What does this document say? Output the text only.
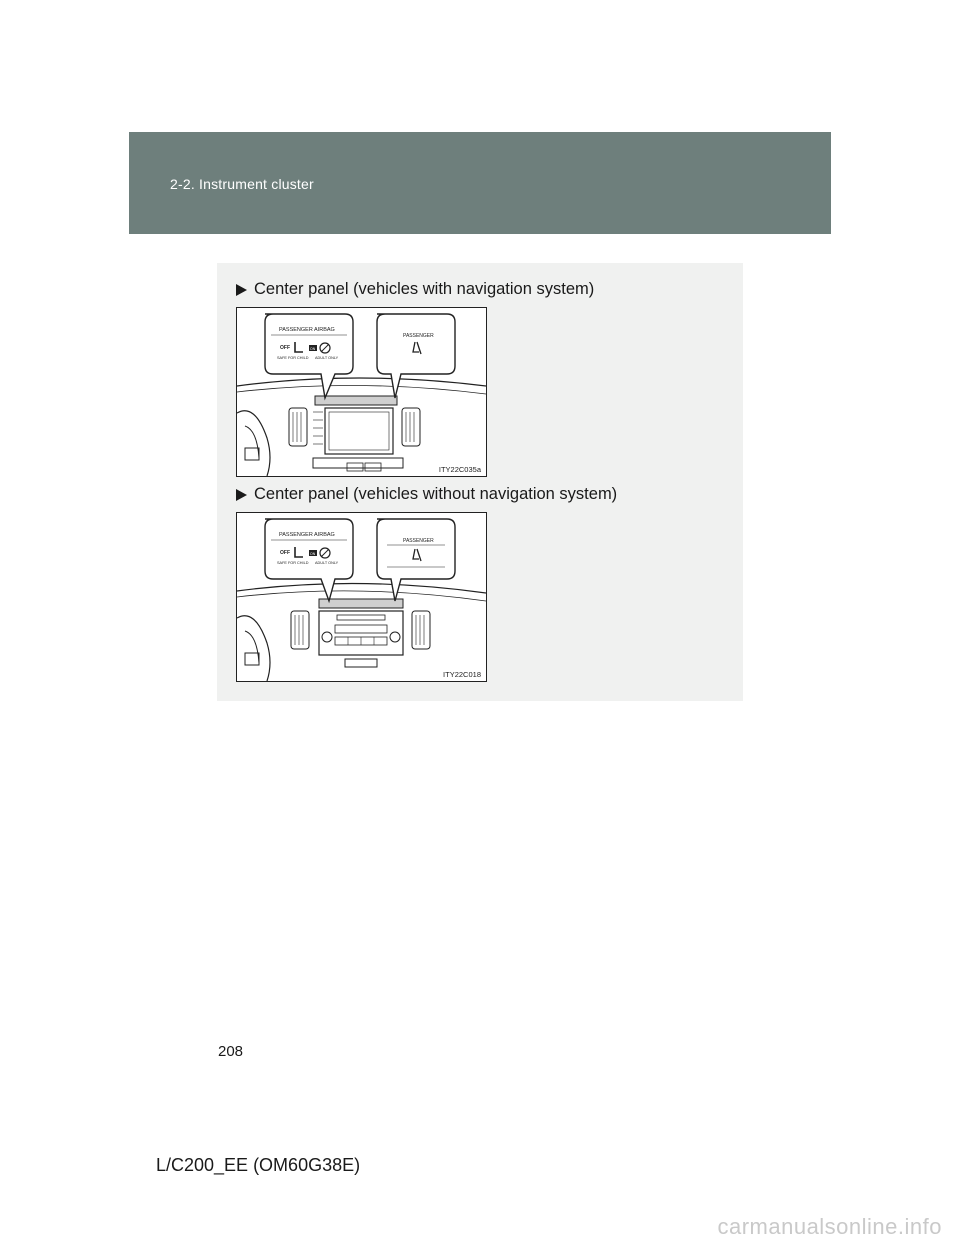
2-2. Instrument cluster
Center panel (vehicles with navigation system)
PASSENGER AIRBAG
OFF	ON
SAFE FOR CHILD ADULT ONLY
PASSENGER
ITY22C035a
Center panel (vehicles without navigation system)
PASSENGER AIRBAG
OFF	ON
SAFE FOR CHILD ADULT ONLY
PASSENGER
ITY22C018
208
L/C200_EE (OM60G38E)
carmanualsonline.info
